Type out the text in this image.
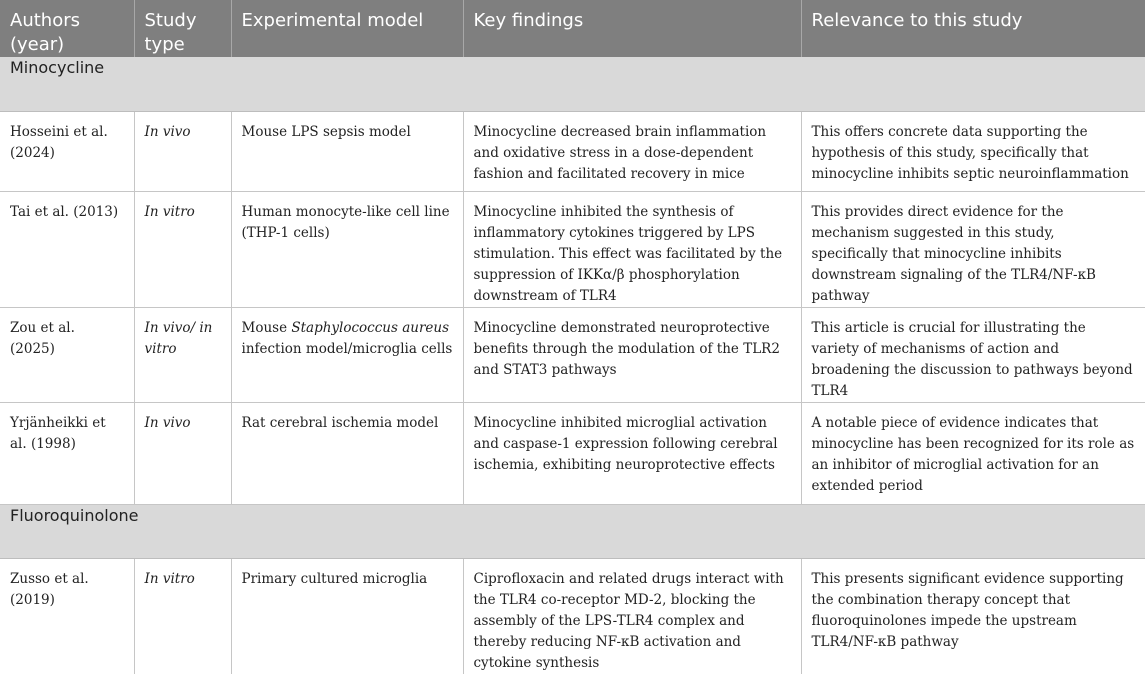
Authors (year)	Study type	Experimental model	Key findings	Relevance to this study
Minocycline				
Hosseini et al. (2024)	In vivo	Mouse LPS sepsis model	Minocycline decreased brain inflammation and oxidative stress in a dose-dependent fashion and facilitated recovery in mice	This offers concrete data supporting the hypothesis of this study, specifically that minocycline inhibits septic neuroinflammation
Tai et al. (2013)	In vitro	Human monocyte-like cell line (THP-1 cells)	Minocycline inhibited the synthesis of inflammatory cytokines triggered by LPS stimulation. This effect was facilitated by the suppression of IKKα/β phosphorylation downstream of TLR4	This provides direct evidence for the mechanism suggested in this study, specifically that minocycline inhibits downstream signaling of the TLR4/NF-κB pathway
Zou et al. (2025)	In vivo/ in vitro	Mouse Staphylococcus aureus infection model/microglia cells	Minocycline demonstrated neuroprotective benefits through the modulation of the TLR2 and STAT3 pathways	This article is crucial for illustrating the variety of mechanisms of action and broadening the discussion to pathways beyond TLR4
Yrjänheikki et al. (1998)	In vivo	Rat cerebral ischemia model	Minocycline inhibited microglial activation and caspase-1 expression following cerebral ischemia, exhibiting neuroprotective effects	A notable piece of evidence indicates that minocycline has been recognized for its role as an inhibitor of microglial activation for an extended period
Fluoroquinolone				
Zusso et al. (2019)	In vitro	Primary cultured microglia	Ciprofloxacin and related drugs interact with the TLR4 co-receptor MD-2, blocking the assembly of the LPS-TLR4 complex and thereby reducing NF-κB activation and cytokine synthesis	This presents significant evidence supporting the combination therapy concept that fluoroquinolones impede the upstream TLR4/NF-κB pathway
